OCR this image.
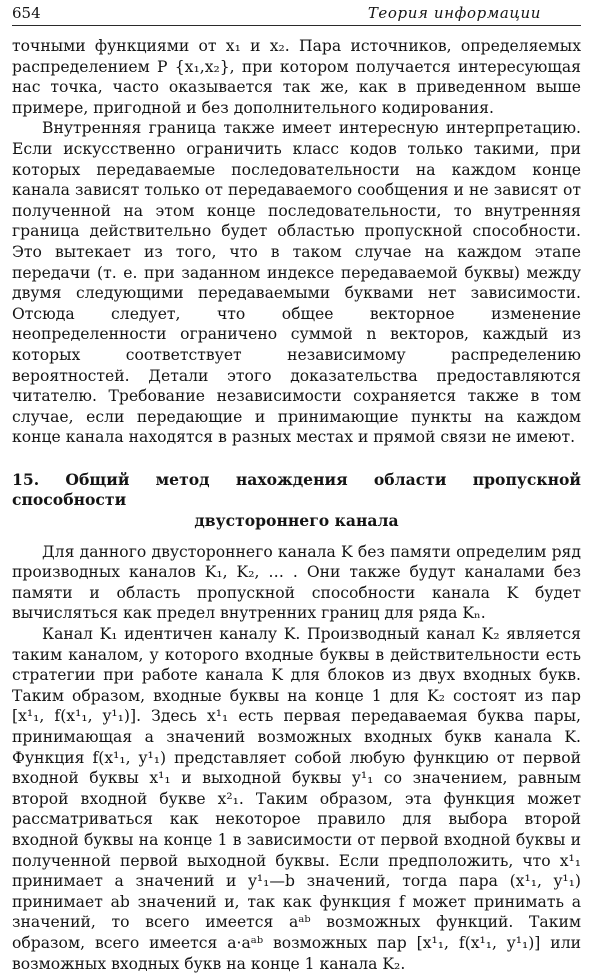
654	Теория информации

точными функциями от x₁ и x₂. Пара источников, определяемых распределением P {x₁,x₂}, при котором получается интересующая нас точка, часто оказывается так же, как в приведенном выше примере, пригодной и без дополнительного кодирования.

Внутренняя граница также имеет интересную интерпретацию. Если искусственно ограничить класс кодов только такими, при которых передаваемые последовательности на каждом конце канала зависят только от передаваемого сообщения и не зависят от полученной на этом конце последовательности, то внутренняя граница действительно будет областью пропускной способности. Это вытекает из того, что в таком случае на каждом этапе передачи (т. е. при заданном индексе передаваемой буквы) между двумя следующими передаваемыми буквами нет зависимости. Отсюда следует, что общее векторное изменение неопределенности ограничено суммой n векторов, каждый из которых соответствует независимому распределению вероятностей. Детали этого доказательства предоставляются читателю. Требование независимости сохраняется также в том случае, если передающие и принимающие пункты на каждом конце канала находятся в разных местах и прямой связи не имеют.

15. Общий метод нахождения области пропускной способности
двустороннего канала

Для данного двустороннего канала K без памяти определим ряд производных каналов K₁, K₂, … . Они также будут каналами без памяти и область пропускной способности канала K будет вычисляться как предел внутренних границ для ряда Kₙ.

Канал K₁ идентичен каналу K. Производный канал K₂ является таким каналом, у которого входные буквы в действительности есть стратегии при работе канала K для блоков из двух входных букв. Таким образом, входные буквы на конце 1 для K₂ состоят из пар [x¹₁, f(x¹₁, y¹₁)]. Здесь x¹₁ есть первая передаваемая буква пары, принимающая a значений возможных входных букв канала K. Функция f(x¹₁, y¹₁) представляет собой любую функцию от первой входной буквы x¹₁ и выходной буквы y¹₁ со значением, равным второй входной букве x²₁. Таким образом, эта функция может рассматриваться как некоторое правило для выбора второй входной буквы на конце 1 в зависимости от первой входной буквы и полученной первой выходной буквы. Если предположить, что x¹₁ принимает a значений и y¹₁—b значений, тогда пара (x¹₁, y¹₁) принимает ab значений и, так как функция f может принимать a значений, то всего имеется aᵃᵇ возможных функций. Таким образом, всего имеется a·aᵃᵇ возможных пар [x¹₁, f(x¹₁, y¹₁)] или возможных входных букв на конце 1 канала K₂.
